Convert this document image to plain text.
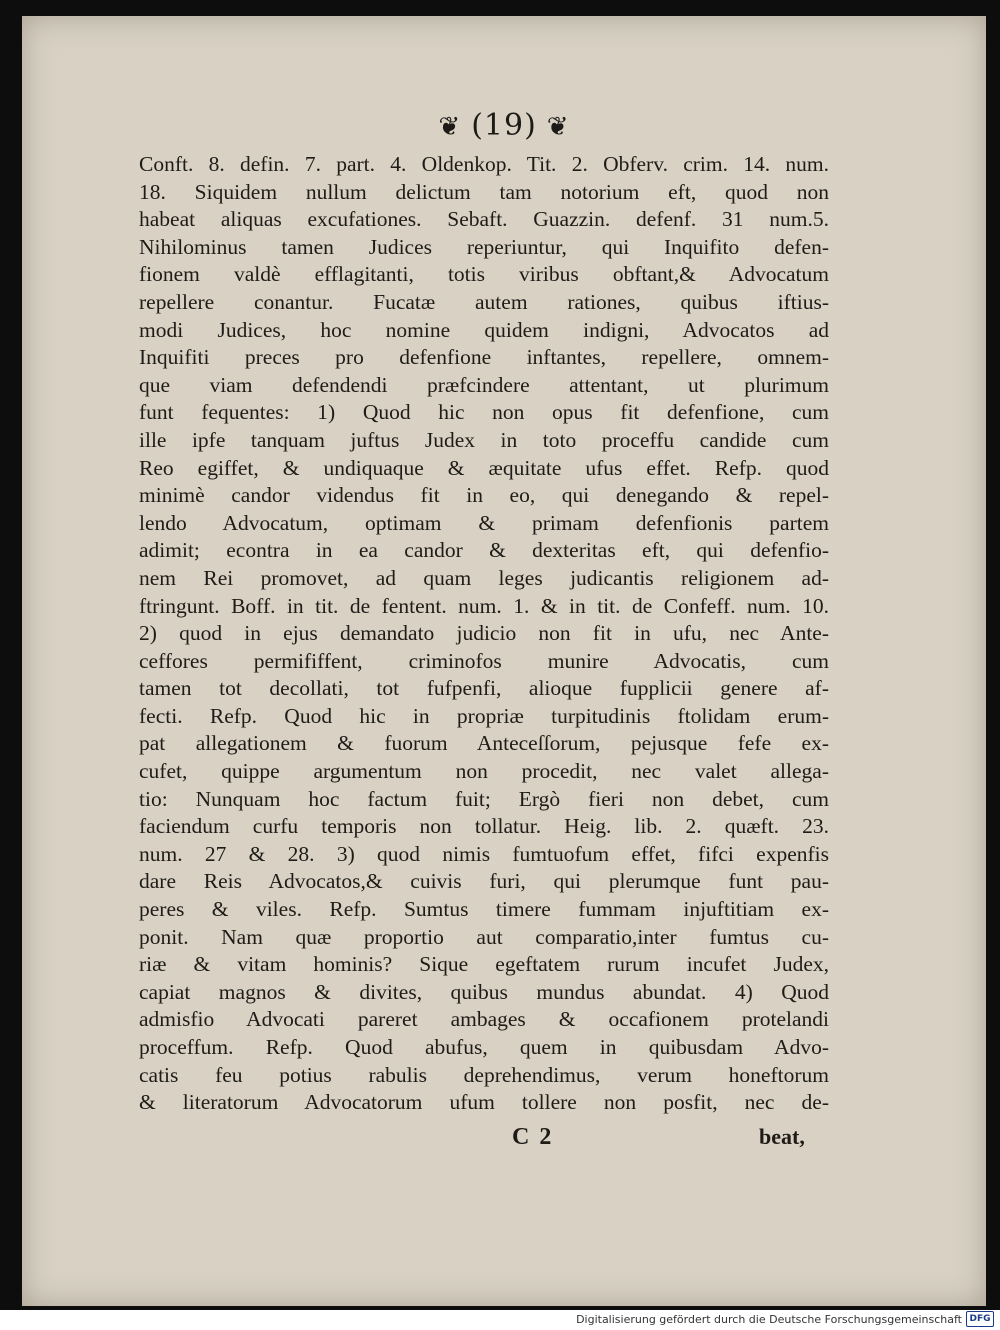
❦ (19) ❦
Conft. 8. defin. 7. part. 4. Oldenkop. Tit. 2. Obferv. crim. 14. num.
18. Siquidem nullum delictum tam notorium eft, quod non
habeat aliquas excufationes. Sebaft. Guazzin. defenf. 31 num.5.
Nihilominus tamen Judices reperiuntur, qui Inquifito defen-
fionem valdè efflagitanti, totis viribus obftant,& Advocatum
repellere conantur. Fucatæ autem rationes, quibus iftius-
modi Judices, hoc nomine quidem indigni, Advocatos ad
Inquifiti preces pro defenfione inftantes, repellere, omnem-
que viam defendendi præfcindere attentant, ut plurimum
funt fequentes: 1) Quod hic non opus fit defenfione, cum
ille ipfe tanquam juftus Judex in toto proceffu candide cum
Reo egiffet, & undiquaque & æquitate ufus effet. Refp. quod
minimè candor videndus fit in eo, qui denegando & repel-
lendo Advocatum, optimam & primam defenfionis partem
adimit; econtra in ea candor & dexteritas eft, qui defenfio-
nem Rei promovet, ad quam leges judicantis religionem ad-
ftringunt. Boff. in tit. de fentent. num. 1. & in tit. de Confeff. num. 10.
2) quod in ejus demandato judicio non fit in ufu, nec Ante-
ceffores permififfent, criminofos munire Advocatis, cum
tamen tot decollati, tot fufpenfi, alioque fupplicii genere af-
fecti. Refp. Quod hic in propriæ turpitudinis ftolidam erum-
pat allegationem & fuorum Anteceſſorum, pejusque fefe ex-
cufet, quippe argumentum non procedit, nec valet allega-
tio: Nunquam hoc factum fuit; Ergò fieri non debet, cum
faciendum curfu temporis non tollatur. Heig. lib. 2. quæft. 23.
num. 27 & 28. 3) quod nimis fumtuofum effet, fifci expenfis
dare Reis Advocatos,& cuivis furi, qui plerumque funt pau-
peres & viles. Refp. Sumtus timere fummam injuftitiam ex-
ponit. Nam quæ proportio aut comparatio,inter fumtus cu-
riæ & vitam hominis? Sique egeftatem rurum incufet Judex,
capiat magnos & divites, quibus mundus abundat. 4) Quod
admisfio Advocati pareret ambages & occafionem protelandi
proceffum. Refp. Quod abufus, quem in quibusdam Advo-
catis feu potius rabulis deprehendimus, verum honeftorum
& literatorum Advocatorum ufum tollere non posfit, nec de-
C 2	beat,
Digitalisierung gefördert durch die Deutsche Forschungsgemeinschaft DFG
